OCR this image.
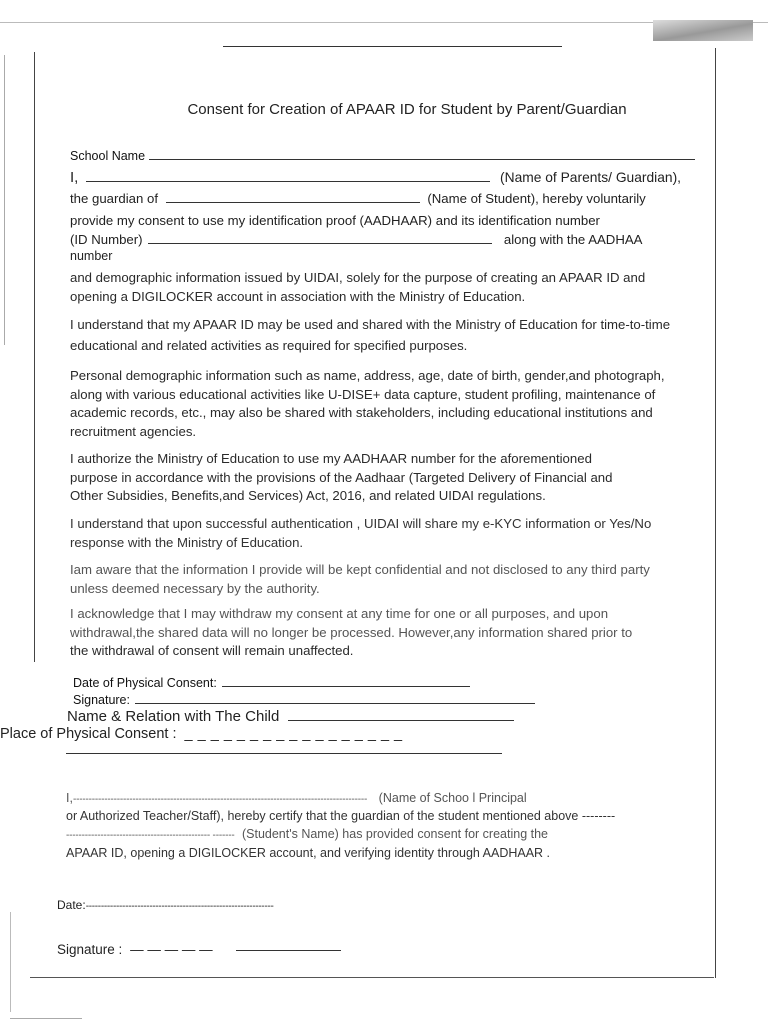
Consent for Creation of APAAR ID for Student by Parent/Guardian
School Name
I,	(Name of Parents/ Guardian),
the guardian of	(Name of Student), hereby voluntarily
provide my consent to use my identification proof (AADHAAR) and its identification number
(ID Number)	along with the AADHAA
number
and demographic information issued by UIDAI, solely for the purpose of creating an APAAR ID and
opening a DIGILOCKER account in association with the Ministry of Education.
I understand that my APAAR ID may be used and shared with the Ministry of Education for time-to-time
educational and related activities as required for specified purposes.
Personal demographic information such as name, address, age, date of birth, gender,and photograph,
along with various educational activities like U-DISE+ data capture, student profiling, maintenance of
academic records, etc., may also be shared with stakeholders, including educational institutions and
recruitment agencies.
I authorize the Ministry of Education to use my AADHAAR number for the aforementioned
purpose in accordance with the provisions of the Aadhaar (Targeted Delivery of Financial and
Other Subsidies, Benefits,and Services) Act, 2016, and related UIDAI regulations.
I understand that upon successful authentication , UIDAI will share my e-KYC information or Yes/No
response with the Ministry of Education.
Iam aware that the information I provide will be kept confidential and not disclosed to any third party
unless deemed necessary by the authority.
I acknowledge that I may withdraw my consent at any time for one or all purposes, and upon
withdrawal,the shared data will no longer be processed. However,any information shared prior to
the withdrawal of consent will remain unaffected.
Date of Physical Consent:
Signature:
Name & Relation with The Child
Place of Physical Consent : _ _ _ _ _ _ _ _ _ _ _ _ _ _ _ _ _
I,---------------------------------------------------------------------------------------------- (Name of Schoo l Principal
or Authorized Teacher/Staff), hereby certify that the guardian of the student mentioned above --------
---------------------------------------------- ------- (Student's Name) has provided consent for creating the
APAAR ID, opening a DIGILOCKER account, and verifying identity through AADHAAR .
Date:--------------------------------------------------------------
Signature : — — — — —
